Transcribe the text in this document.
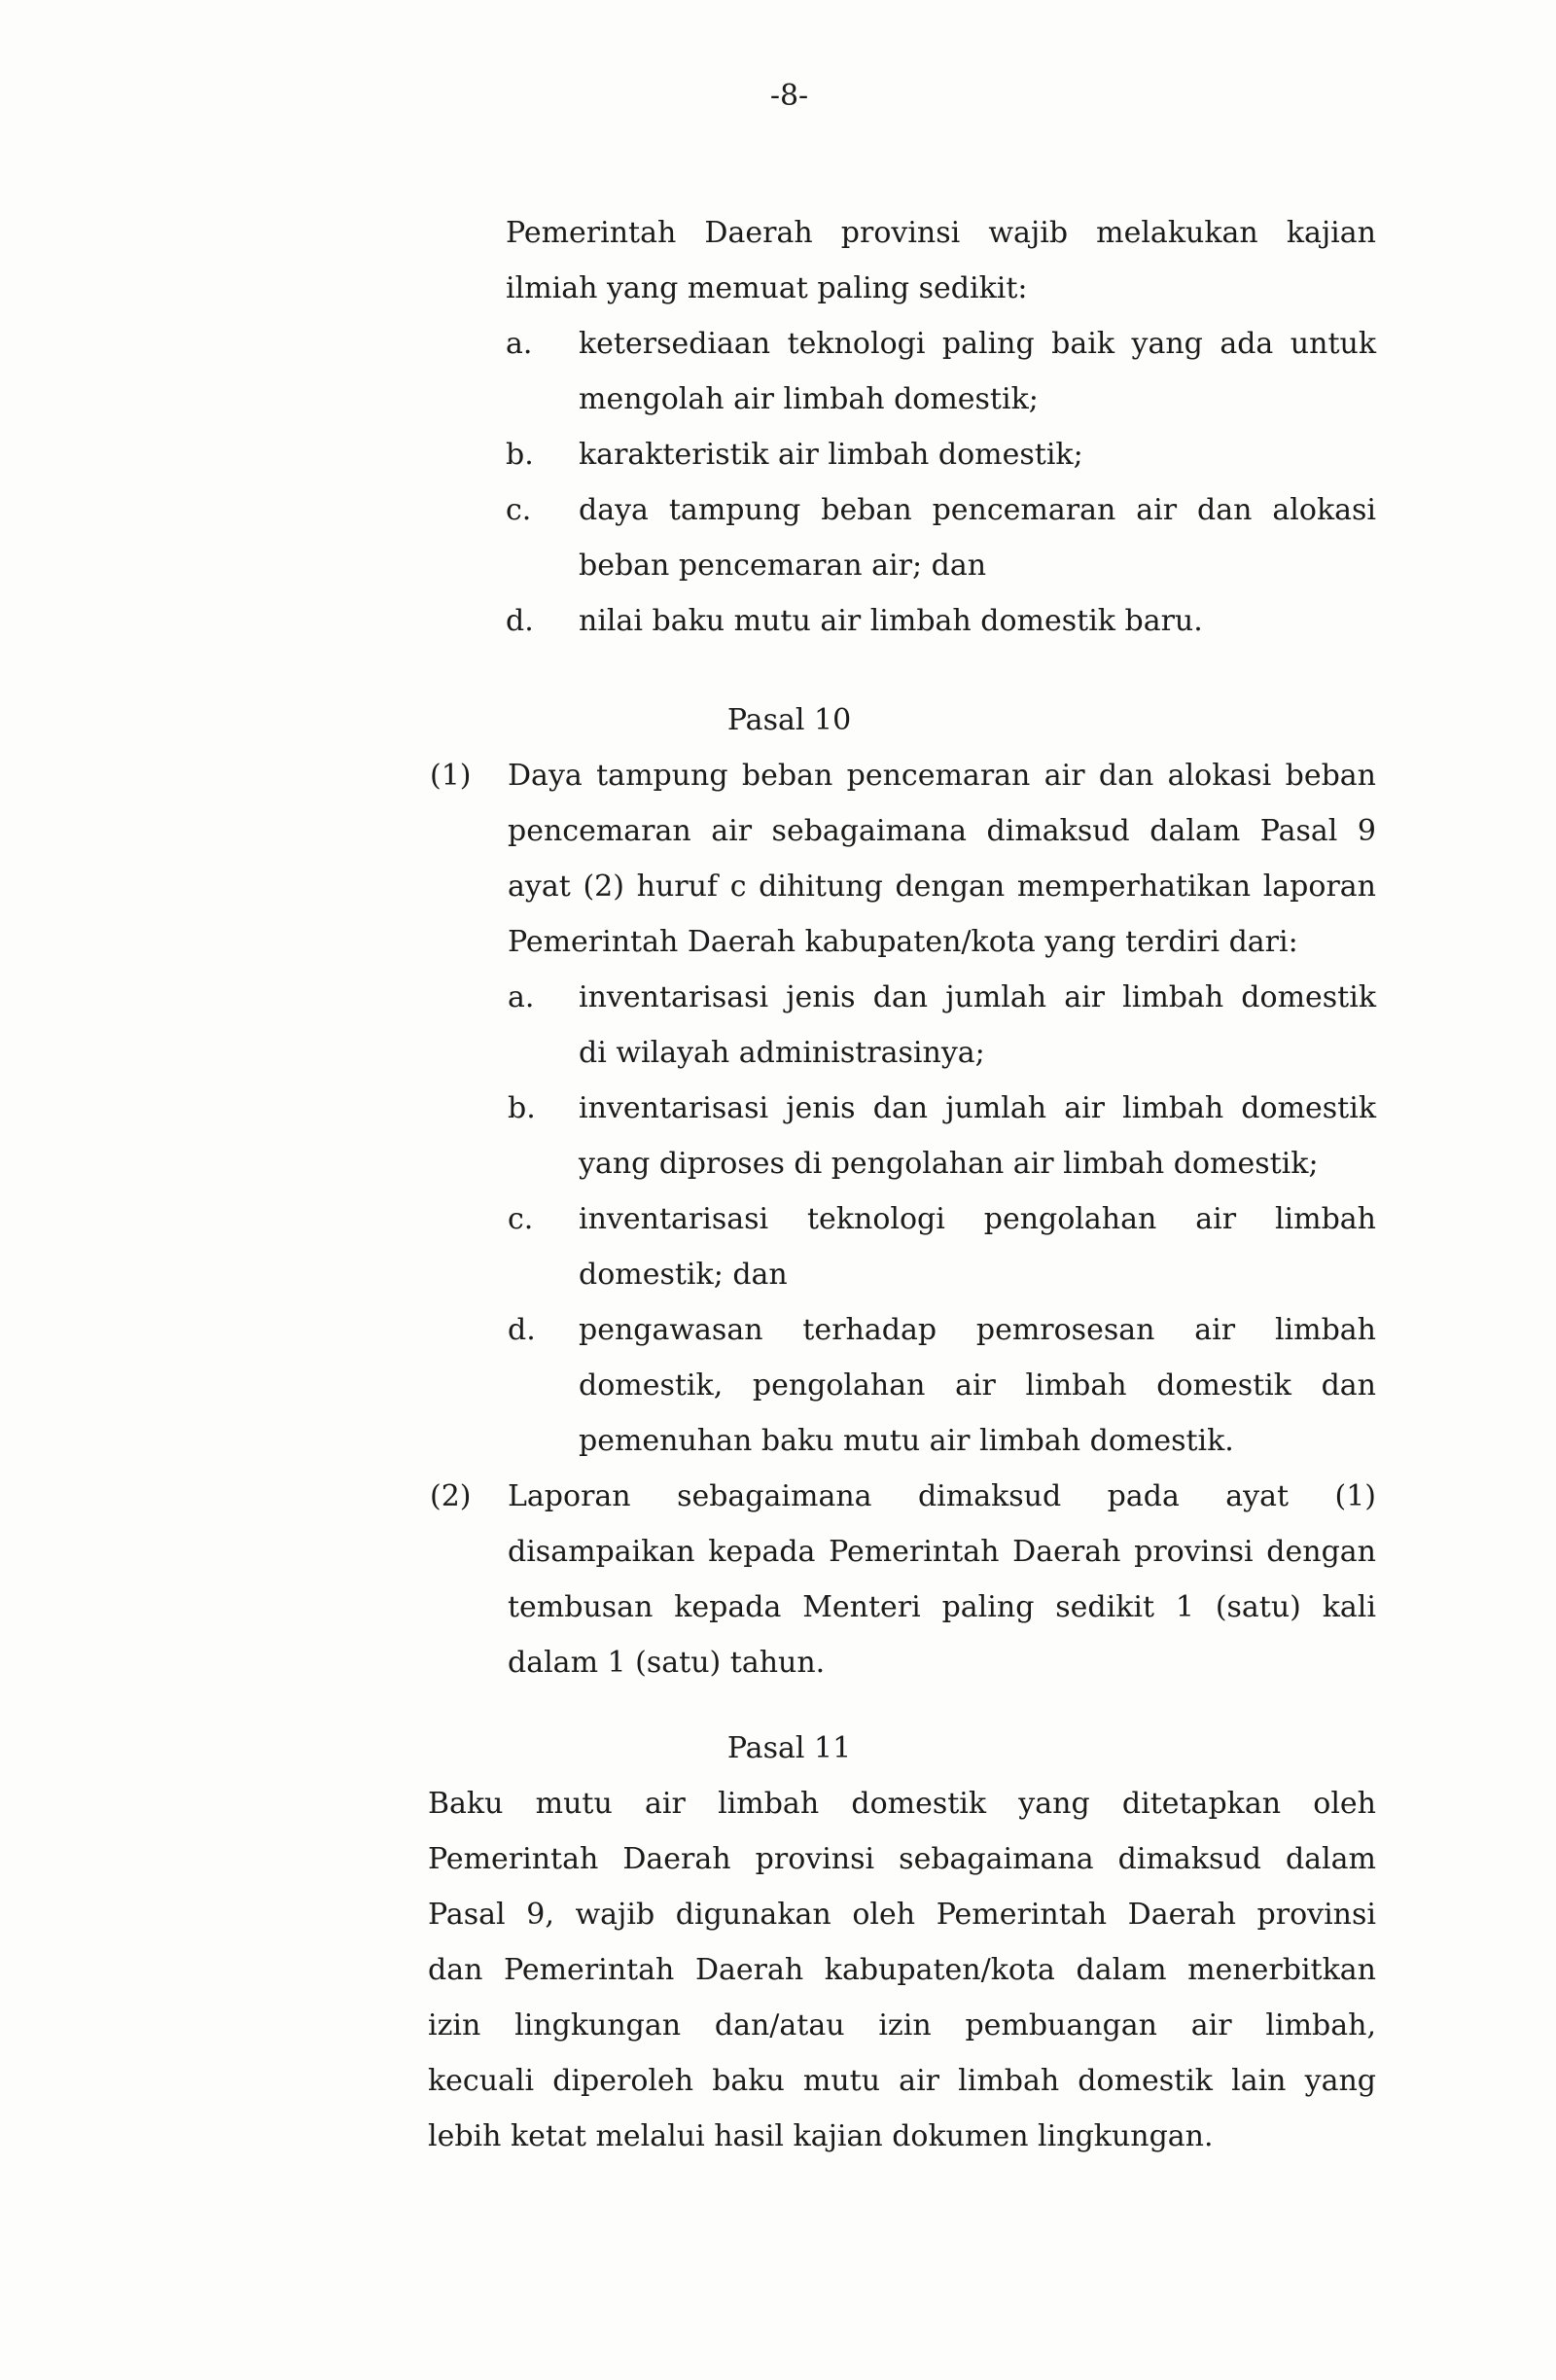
-8-
Pemerintah Daerah provinsi wajib melakukan kajian
ilmiah yang memuat paling sedikit:
a. ketersediaan teknologi paling baik yang ada untuk
mengolah air limbah domestik;
b. karakteristik air limbah domestik;
c. daya tampung beban pencemaran air dan alokasi
beban pencemaran air; dan
d. nilai baku mutu air limbah domestik baru.
Pasal 10
(1) Daya tampung beban pencemaran air dan alokasi beban
pencemaran air sebagaimana dimaksud dalam Pasal 9
ayat (2) huruf c dihitung dengan memperhatikan laporan
Pemerintah Daerah kabupaten/kota yang terdiri dari:
a. inventarisasi jenis dan jumlah air limbah domestik
di wilayah administrasinya;
b. inventarisasi jenis dan jumlah air limbah domestik
yang diproses di pengolahan air limbah domestik;
c. inventarisasi teknologi pengolahan air limbah
domestik; dan
d. pengawasan terhadap pemrosesan air limbah
domestik, pengolahan air limbah domestik dan
pemenuhan baku mutu air limbah domestik.
(2) Laporan sebagaimana dimaksud pada ayat (1)
disampaikan kepada Pemerintah Daerah provinsi dengan
tembusan kepada Menteri paling sedikit 1 (satu) kali
dalam 1 (satu) tahun.
Pasal 11
Baku mutu air limbah domestik yang ditetapkan oleh
Pemerintah Daerah provinsi sebagaimana dimaksud dalam
Pasal 9, wajib digunakan oleh Pemerintah Daerah provinsi
dan Pemerintah Daerah kabupaten/kota dalam menerbitkan
izin lingkungan dan/atau izin pembuangan air limbah,
kecuali diperoleh baku mutu air limbah domestik lain yang
lebih ketat melalui hasil kajian dokumen lingkungan.
